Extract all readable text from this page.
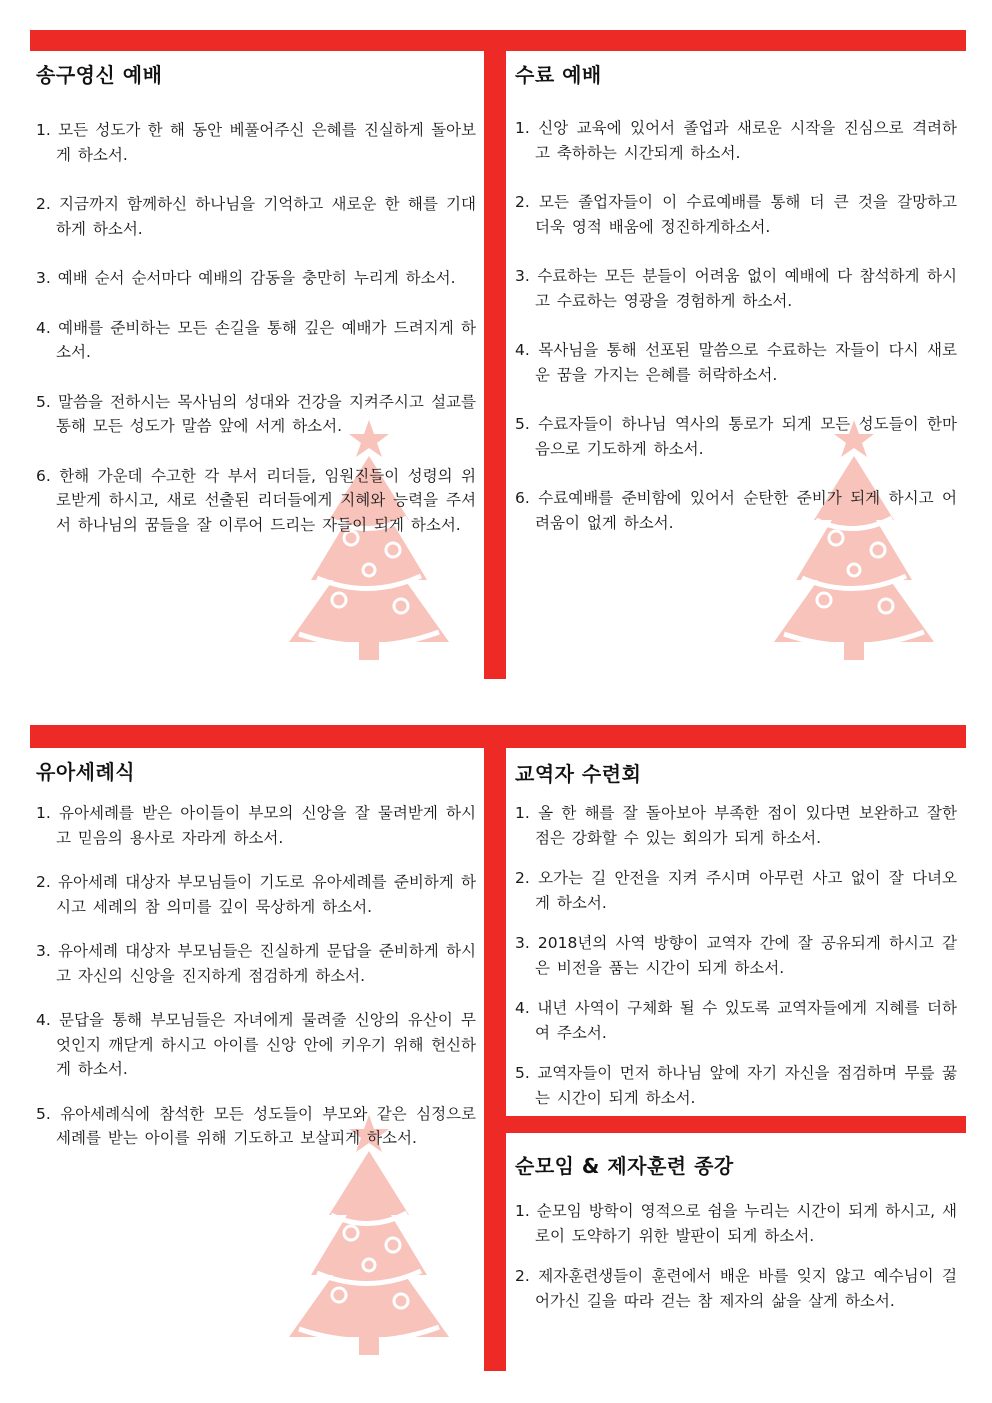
송구영신 예배
1. 모든 성도가 한 해 동안 베풀어주신 은혜를 진실하게 돌아보게 하소서.
2. 지금까지 함께하신 하나님을 기억하고 새로운 한 해를 기대하게 하소서.
3. 예배 순서 순서마다 예배의 감동을 충만히 누리게 하소서.
4. 예배를 준비하는 모든 손길을 통해 깊은 예배가 드려지게 하소서.
5. 말씀을 전하시는 목사님의 성대와 건강을 지켜주시고 설교를 통해 모든 성도가 말씀 앞에 서게 하소서.
6. 한해 가운데 수고한 각 부서 리더들, 임원진들이 성령의 위로받게 하시고, 새로 선출된 리더들에게 지혜와 능력을 주셔서 하나님의 꿈들을 잘 이루어 드리는 자들이 되게 하소서.
수료 예배
1. 신앙 교육에 있어서 졸업과 새로운 시작을 진심으로 격려하고 축하하는 시간되게 하소서.
2. 모든 졸업자들이 이 수료예배를 통해 더 큰 것을 갈망하고 더욱 영적 배움에 정진하게하소서.
3. 수료하는 모든 분들이 어려움 없이 예배에 다 참석하게 하시고 수료하는 영광을 경험하게 하소서.
4. 목사님을 통해 선포된 말씀으로 수료하는 자들이 다시 새로운 꿈을 가지는 은혜를 허락하소서.
5. 수료자들이 하나님 역사의 통로가 되게 모든 성도들이 한마음으로 기도하게 하소서.
6. 수료예배를 준비함에 있어서 순탄한 준비가 되게 하시고 어려움이 없게 하소서.
유아세례식
1. 유아세례를 받은 아이들이 부모의 신앙을 잘 물려받게 하시고 믿음의 용사로 자라게 하소서.
2. 유아세례 대상자 부모님들이 기도로 유아세례를 준비하게 하시고 세례의 참 의미를 깊이 묵상하게 하소서.
3. 유아세례 대상자 부모님들은 진실하게 문답을 준비하게 하시고 자신의 신앙을 진지하게 점검하게 하소서.
4. 문답을 통해 부모님들은 자녀에게 물려줄 신앙의 유산이 무엇인지 깨닫게 하시고 아이를 신앙 안에 키우기 위해 헌신하게 하소서.
5. 유아세례식에 참석한 모든 성도들이 부모와 같은 심정으로 세례를 받는 아이를 위해 기도하고 보살피게 하소서.
교역자 수련회
1. 올 한 해를 잘 돌아보아 부족한 점이 있다면 보완하고 잘한 점은 강화할 수 있는 회의가 되게 하소서.
2. 오가는 길 안전을 지켜 주시며 아무런 사고 없이 잘 다녀오게 하소서.
3. 2018년의 사역 방향이 교역자 간에 잘 공유되게 하시고 같은 비전을 품는 시간이 되게 하소서.
4. 내년 사역이 구체화 될 수 있도록 교역자들에게 지혜를 더하여 주소서.
5. 교역자들이 먼저 하나님 앞에 자기 자신을 점검하며 무릎 꿇는 시간이 되게 하소서.
순모임 & 제자훈련 종강
1. 순모임 방학이 영적으로 쉼을 누리는 시간이 되게 하시고, 새로이 도약하기 위한 발판이 되게 하소서.
2. 제자훈련생들이 훈련에서 배운 바를 잊지 않고 예수님이 걸어가신 길을 따라 걷는 참 제자의 삶을 살게 하소서.
